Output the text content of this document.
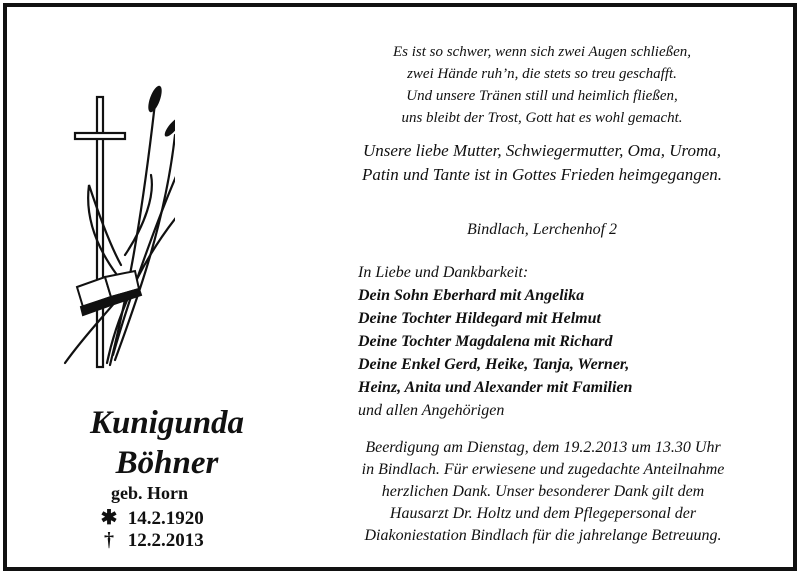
Kunigunda
Böhner
geb. Horn
✱ 14.2.1920
† 12.2.2013
Es ist so schwer, wenn sich zwei Augen schließen,
zwei Hände ruh’n, die stets so treu geschafft.
Und unsere Tränen still und heimlich fließen,
uns bleibt der Trost, Gott hat es wohl gemacht.
Unsere liebe Mutter, Schwiegermutter, Oma, Uroma,
Patin und Tante ist in Gottes Frieden heimgegangen.
Bindlach, Lerchenhof 2
In Liebe und Dankbarkeit:
Dein Sohn Eberhard mit Angelika
Deine Tochter Hildegard mit Helmut
Deine Tochter Magdalena mit Richard
Deine Enkel Gerd, Heike, Tanja, Werner,
Heinz, Anita und Alexander mit Familien
und allen Angehörigen
Beerdigung am Dienstag, dem 19.2.2013 um 13.30 Uhr
in Bindlach. Für erwiesene und zugedachte Anteilnahme
herzlichen Dank. Unser besonderer Dank gilt dem
Hausarzt Dr. Holtz und dem Pflegepersonal der
Diakoniestation Bindlach für die jahrelange Betreuung.
